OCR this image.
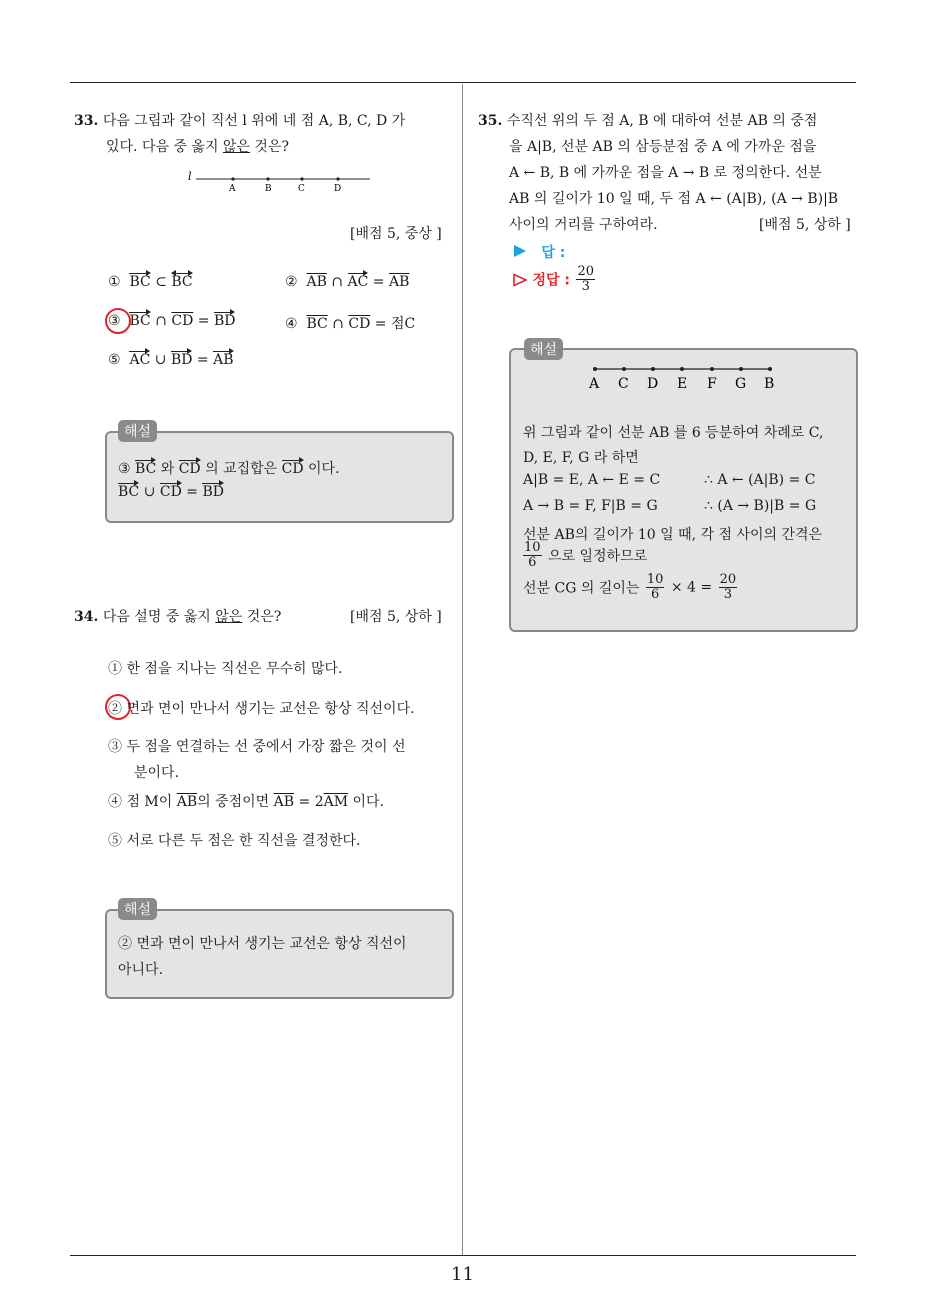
11
33. 다음 그림과 같이 직선 l 위에 네 점 A, B, C, D 가
있다. 다음 중 옳지 않은 것은?
l
A	B	C	D
[배점 5, 중상 ]
① BC ⊂ BC	② $\overline{AB}$ ∩ AC = $\overline{AB}$
③ BC ∩ $\overline{CD}$ = BD	④ $\overline{BC}$ ∩ $\overline{CD}$ = 점C
⑤ AC ∪ BD = AB
해설
③ BC 와 CD 의 교집합은 CD 이다.
BC ∪ CD = BD
34. 다음 설명 중 옳지 않은 것은?	[배점 5, 상하 ]
① 한 점을 지나는 직선은 무수히 많다.
② 면과 면이 만나서 생기는 교선은 항상 직선이다.
③ 두 점을 연결하는 선 중에서 가장 짧은 것이 선
분이다.
④ 점 M이 $\overline{AB}$의 중점이면 $\overline{AB} = 2\overline{AM}$ 이다.
⑤ 서로 다른 두 점은 한 직선을 결정한다.
해설
② 면과 면이 만나서 생기는 교선은 항상 직선이
아니다.
35. 수직선 위의 두 점 A, B 에 대하여 선분 AB 의 중점
을 A|B, 선분 AB 의 삼등분점 중 A 에 가까운 점을
A ← B, B 에 가까운 점을 A → B 로 정의한다. 선분
AB 의 길이가 10 일 때, 두 점 A ← (A|B), (A → B)|B
사이의 거리를 구하여라.	[배점 5, 상하 ]
답 :
정답 : $\frac{20}{3}$
해설
A C D E F G B
위 그림과 같이 선분 AB 를 6 등분하여 차례로 C,
D, E, F, G 라 하면
A|B = E, A ← E = C	∴ A ← (A|B) = C
A → B = F, F|B = G	∴ (A → B)|B = G
선분 AB의 길이가 10 일 때, 각 점 사이의 간격은
$\frac{10}{6}$ 으로 일정하므로
선분 CG 의 길이는 $\frac{10}{6} \times 4 = \frac{20}{3}$
